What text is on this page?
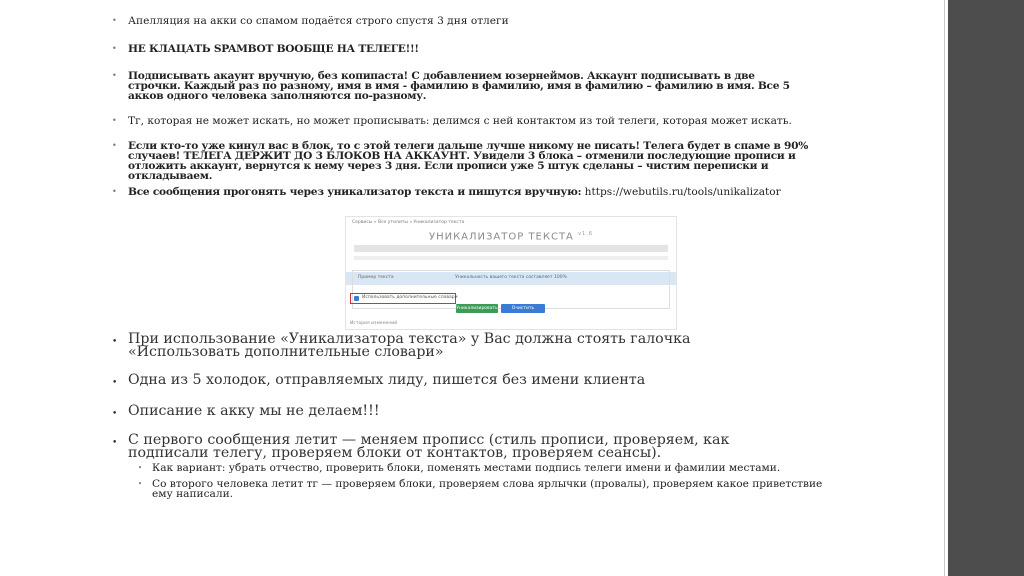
• Апелляция на акки со спамом подаётся строго спустя 3 дня отлеги
• НЕ КЛАЦАТЬ SPAMBOT ВООБЩЕ НА ТЕЛЕГЕ!!!
• Подписывать акаунт вручную, без копипаста! С добавлением юзернеймов. Аккаунт подписывать в две строчки. Каждый раз по разному, имя в имя - фамилию в фамилию, имя в фамилию – фамилию в имя. Все 5 акков одного человека заполняются по-разному.
• Тг, которая не может искать, но может прописывать: делимся с ней контактом из той телеги, которая может искать.
• Если кто-то уже кинул вас в блок, то с этой телеги дальше лучше никому не писать! Телега будет в спаме в 90% случаев! ТЕЛЕГА ДЕРЖИТ ДО 3 БЛОКОВ НА АККАУНТ. Увидели 3 блока – отменили последующие прописи и отложить аккаунт, вернутся к нему через 3 дня. Если прописи уже 5 штук сделаны – чистим переписки и откладываем.
• Все сообщения прогонять через уникализатор текста и пишутся вручную: https://webutils.ru/tools/unikalizator
Сервисы » Все утилиты » Уникализатор текста
УНИКАЛИЗАТОР ТЕКСТА $^{v1.6}$
Уникальность вашего текста составляет 100%
Пример текста
Использовать дополнительные словари
Уникализировать	Очистить
История изменений
• При использование «Уникализатора текста» у Вас должна стоять галочка «Использовать дополнительные словари»
• Одна из 5 холодок, отправляемых лиду, пишется без имени клиента
• Описание к акку мы не делаем!!!
• С первого сообщения летит — меняем прописс (стиль прописи, проверяем, как подписали телегу, проверяем блоки от контактов, проверяем сеансы).
• Как вариант: убрать отчество, проверить блоки, поменять местами подпись телеги имени и фамилии местами.
• Со второго человека летит тг — проверяем блоки, проверяем слова ярлычки (провалы), проверяем какое приветствие ему написали.
